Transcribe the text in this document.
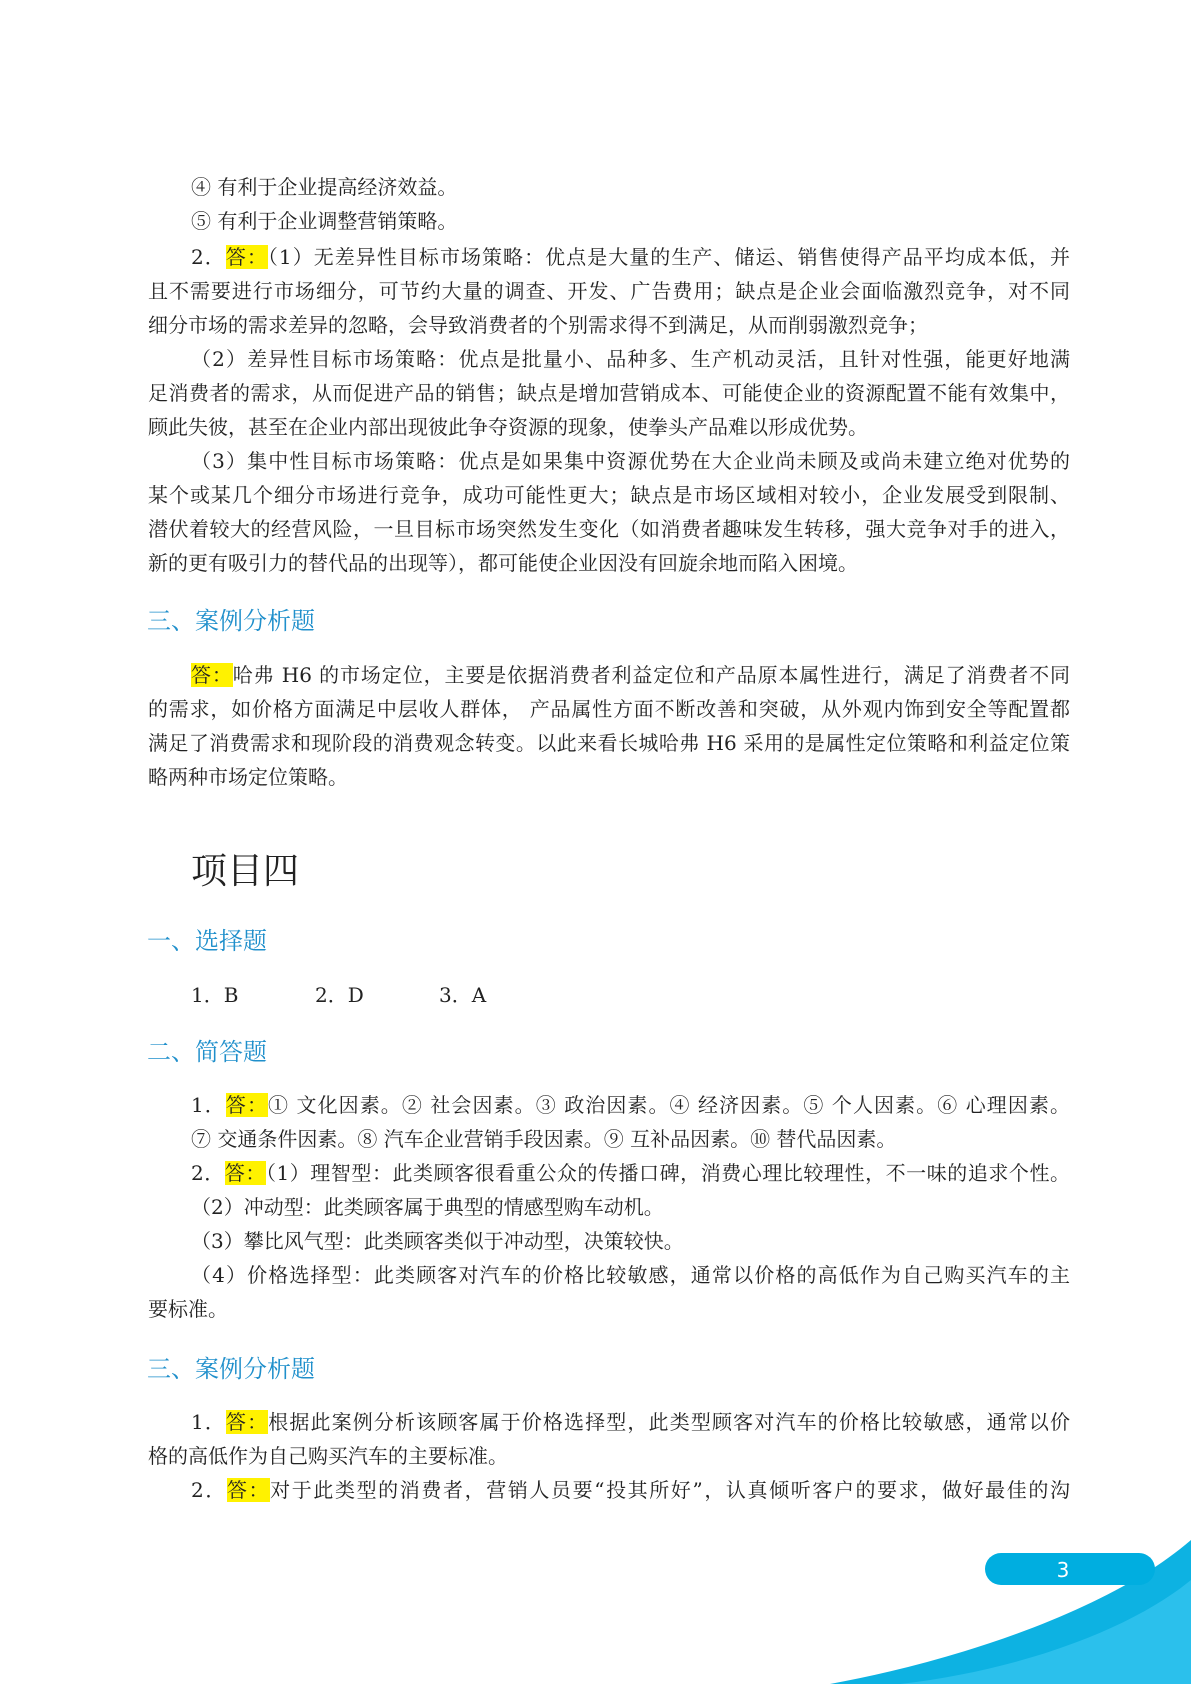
3
④ 有利于企业提高经济效益。
⑤ 有利于企业调整营销策略。
2．答：（1）无差异性目标市场策略：优点是大量的生产、储运、销售使得产品平均成本低，并
且不需要进行市场细分，可节约大量的调查、开发、广告费用；缺点是企业会面临激烈竞争，对不同
细分市场的需求差异的忽略，会导致消费者的个别需求得不到满足，从而削弱激烈竞争；
（2）差异性目标市场策略：优点是批量小、品种多、生产机动灵活，且针对性强，能更好地满
足消费者的需求，从而促进产品的销售；缺点是增加营销成本、可能使企业的资源配置不能有效集中，
顾此失彼，甚至在企业内部出现彼此争夺资源的现象，使拳头产品难以形成优势。
（3）集中性目标市场策略：优点是如果集中资源优势在大企业尚未顾及或尚未建立绝对优势的
某个或某几个细分市场进行竞争，成功可能性更大；缺点是市场区域相对较小，企业发展受到限制、
潜伏着较大的经营风险，一旦目标市场突然发生变化（如消费者趣味发生转移，强大竞争对手的进入，
新的更有吸引力的替代品的出现等），都可能使企业因没有回旋余地而陷入困境。
三、案例分析题
答：哈弗 H6 的市场定位，主要是依据消费者利益定位和产品原本属性进行，满足了消费者不同
的需求，如价格方面满足中层收人群体， 产品属性方面不断改善和突破，从外观内饰到安全等配置都
满足了消费需求和现阶段的消费观念转变。以此来看长城哈弗 H6 采用的是属性定位策略和利益定位策
略两种市场定位策略。
项目四
一、选择题
1．B	2．D	3．A
二、简答题
1．答：① 文化因素。② 社会因素。③ 政治因素。④ 经济因素。⑤ 个人因素。⑥ 心理因素。
⑦ 交通条件因素。⑧ 汽车企业营销手段因素。⑨ 互补品因素。⑩ 替代品因素。
2．答：（1）理智型：此类顾客很看重公众的传播口碑，消费心理比较理性，不一味的追求个性。
（2）冲动型：此类顾客属于典型的情感型购车动机。
（3）攀比风气型：此类顾客类似于冲动型，决策较快。
（4）价格选择型：此类顾客对汽车的价格比较敏感，通常以价格的高低作为自己购买汽车的主
要标准。
三、案例分析题
1．答：根据此案例分析该顾客属于价格选择型，此类型顾客对汽车的价格比较敏感，通常以价
格的高低作为自己购买汽车的主要标准。
2．答：对于此类型的消费者，营销人员要“投其所好”，认真倾听客户的要求，做好最佳的沟
